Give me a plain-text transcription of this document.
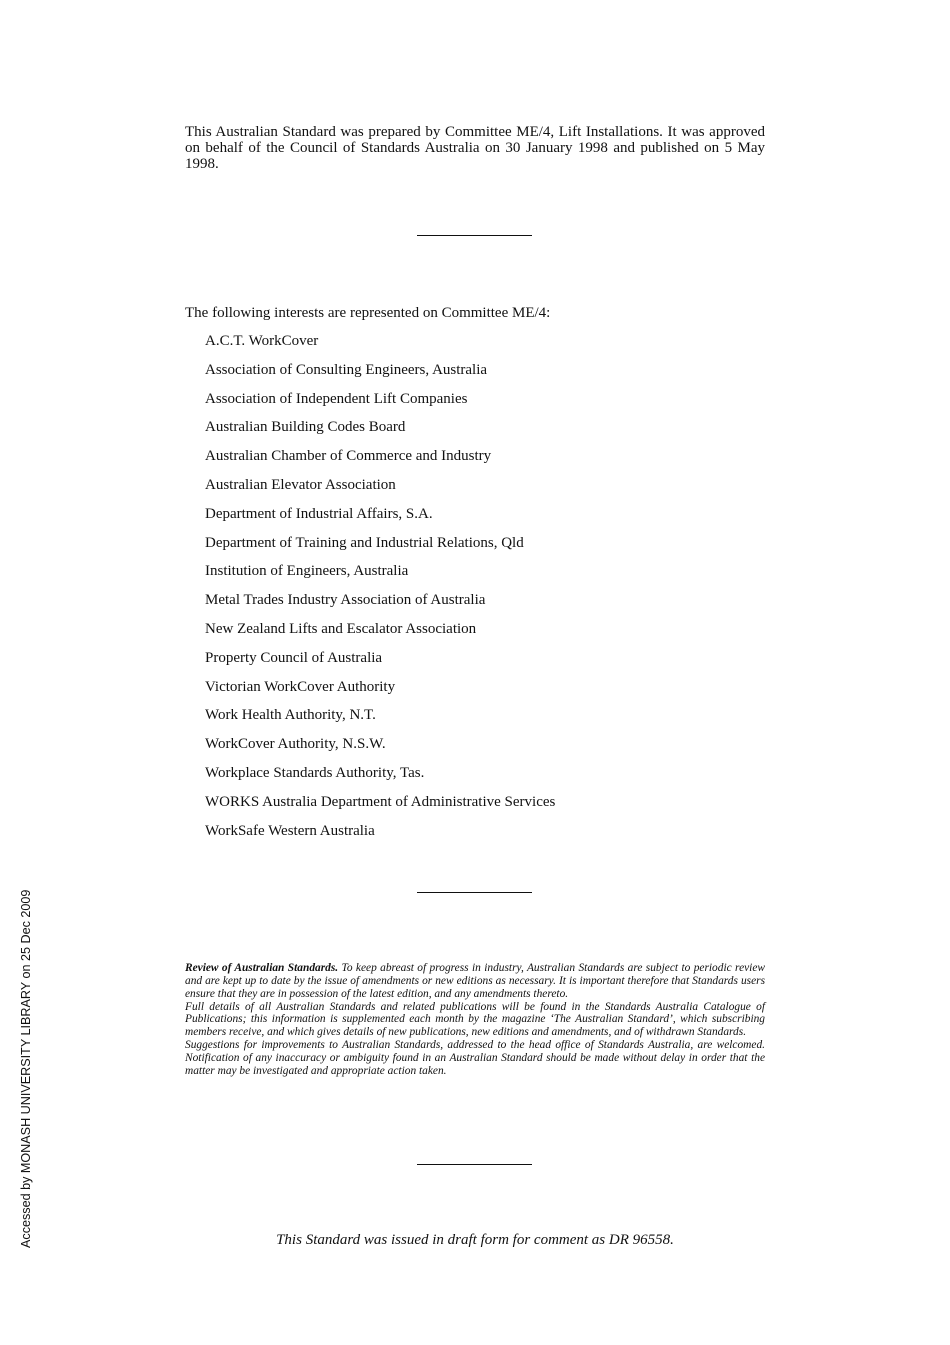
This Australian Standard was prepared by Committee ME/4, Lift Installations. It was approved on behalf of the Council of Standards Australia on 30 January 1998 and published on 5 May 1998.

The following interests are represented on Committee ME/4:

A.C.T. WorkCover
Association of Consulting Engineers, Australia
Association of Independent Lift Companies
Australian Building Codes Board
Australian Chamber of Commerce and Industry
Australian Elevator Association
Department of Industrial Affairs, S.A.
Department of Training and Industrial Relations, Qld
Institution of Engineers, Australia
Metal Trades Industry Association of Australia
New Zealand Lifts and Escalator Association
Property Council of Australia
Victorian WorkCover Authority
Work Health Authority, N.T.
WorkCover Authority, N.S.W.
Workplace Standards Authority, Tas.
WORKS Australia Department of Administrative Services
WorkSafe Western Australia

Review of Australian Standards. To keep abreast of progress in industry, Australian Standards are subject to periodic review and are kept up to date by the issue of amendments or new editions as necessary. It is important therefore that Standards users ensure that they are in possession of the latest edition, and any amendments thereto.

Full details of all Australian Standards and related publications will be found in the Standards Australia Catalogue of Publications; this information is supplemented each month by the magazine ‘The Australian Standard’, which subscribing members receive, and which gives details of new publications, new editions and amendments, and of withdrawn Standards.

Suggestions for improvements to Australian Standards, addressed to the head office of Standards Australia, are welcomed. Notification of any inaccuracy or ambiguity found in an Australian Standard should be made without delay in order that the matter may be investigated and appropriate action taken.

This Standard was issued in draft form for comment as DR 96558.

Accessed by MONASH UNIVERSITY LIBRARY on 25 Dec 2009
